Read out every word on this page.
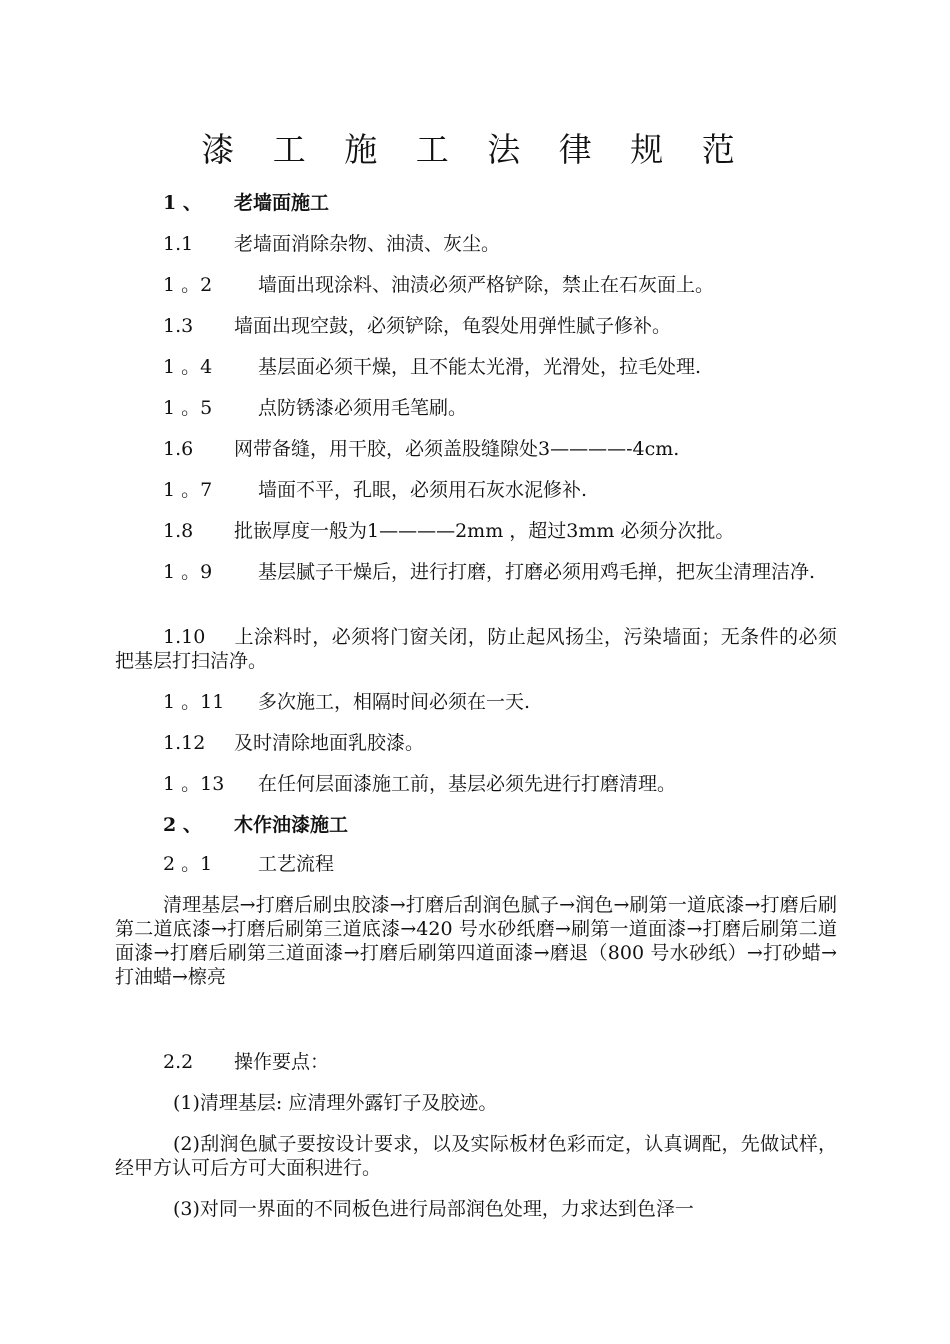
漆 工 施 工 法 律 规 范

1 、 老墙面施工

1.1 老墙面消除杂物、油渍、灰尘。

1 。2 墙面出现涂料、油渍必须严格铲除，禁止在石灰面上。

1.3 墙面出现空鼓，必须铲除，龟裂处用弹性腻子修补。

1 。4 基层面必须干燥，且不能太光滑，光滑处，拉毛处理.

1 。5 点防锈漆必须用毛笔刷。

1.6 网带备缝，用干胶，必须盖股缝隙处3————-4cm.

1 。7 墙面不平，孔眼，必须用石灰水泥修补.

1.8 批嵌厚度一般为1————2mm ，超过3mm 必须分次批。

1 。9 基层腻子干燥后，进行打磨，打磨必须用鸡毛掸，把灰尘清理洁净.

1.10 上涂料时，必须将门窗关闭，防止起风扬尘，污染墙面；无条件的必须把基层打扫洁净。

1 。11 多次施工，相隔时间必须在一天.

1.12 及时清除地面乳胶漆。

1 。13 在任何层面漆施工前，基层必须先进行打磨清理。

2 、 木作油漆施工

2 。1 工艺流程

清理基层→打磨后刷虫胶漆→打磨后刮润色腻子→润色→刷第一道底漆→打磨后刷第二道底漆→打磨后刷第三道底漆→420 号水砂纸磨→刷第一道面漆→打磨后刷第二道面漆→打磨后刷第三道面漆→打磨后刷第四道面漆→磨退（800 号水砂纸）→打砂蜡→打油蜡→檫亮

2.2 操作要点：

(1)清理基层: 应清理外露钉子及胶迹。

(2)刮润色腻子要按设计要求，以及实际板材色彩而定，认真调配，先做试样，经甲方认可后方可大面积进行。

(3)对同一界面的不同板色进行局部润色处理，力求达到色泽一
